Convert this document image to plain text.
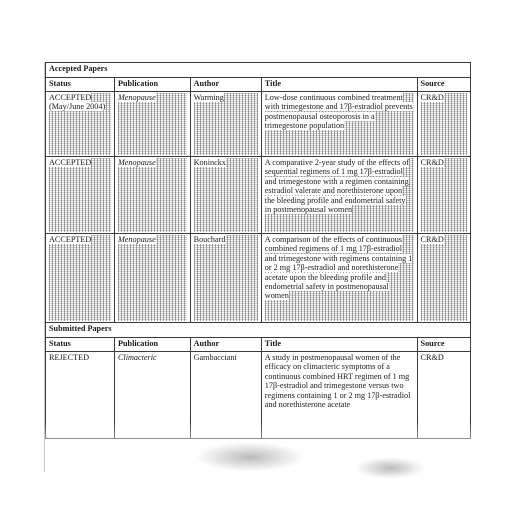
Accepted Papers				
Status	Publication	Author	Title	Source
ACCEPTED (May/June 2004)	Menopause	Warming	Low-dose continuous combined treatment with trimegestone and 17β-estradiol prevents postmenopausal osteoporosis in a trimegestone population	CR&D
ACCEPTED	Menopause	Koninckx	A comparative 2-year study of the effects of sequential regimens of 1 mg 17β-estradiol and trimegestone with a regimen containing estradiol valerate and norethisterone upon the bleeding profile and endometrial safety in postmenopausal women	CR&D
ACCEPTED	Menopause	Bouchard	A comparison of the effects of continuous combined regimens of 1 mg 17β-estradiol and trimegestone with regimens containing 1 or 2 mg 17β-estradiol and norethisterone acetate upon the bleeding profile and endometrial safety in postmenopausal women	CR&D
Submitted Papers				
Status	Publication	Author	Title	Source
REJECTED	Climacteric	Gambacciani	A study in postmenopausal women of the efficacy on climacteric symptoms of a continuous combined HRT regimen of 1 mg 17β-estradiol and trimegestone versus two regimens containing 1 or 2 mg 17β-estradiol and norethisterone acetate	CR&D
